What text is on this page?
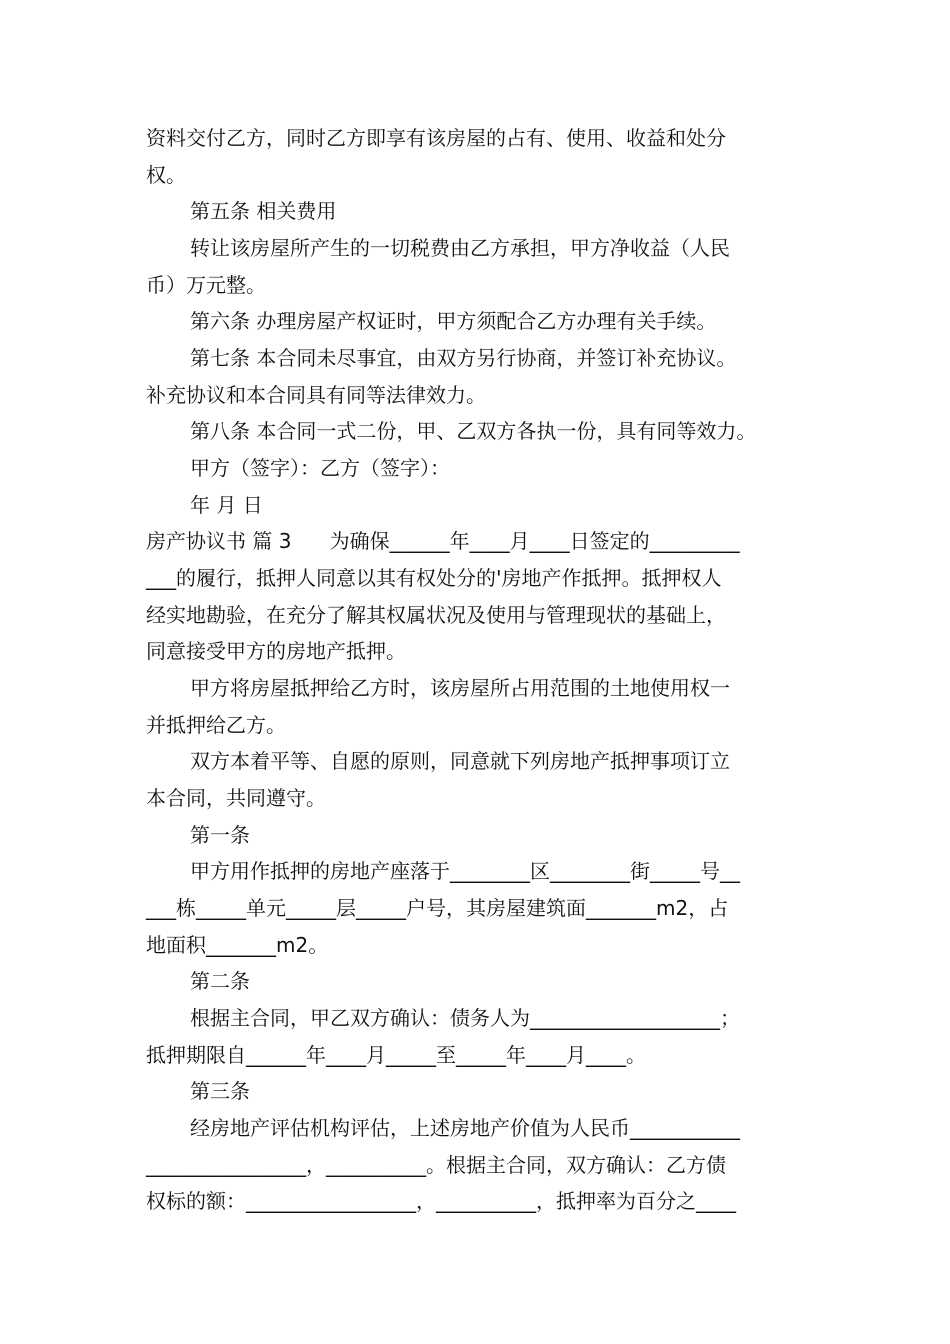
资料交付乙方，同时乙方即享有该房屋的占有、使用、收益和处分
权。
第五条 相关费用
转让该房屋所产生的一切税费由乙方承担，甲方净收益（人民
币）万元整。
第六条 办理房屋产权证时，甲方须配合乙方办理有关手续。
第七条 本合同未尽事宜，由双方另行协商，并签订补充协议。
补充协议和本合同具有同等法律效力。
第八条 本合同一式二份，甲、乙双方各执一份，具有同等效力。
甲方（签字）：乙方（签字）：
年 月 日
房产协议书 篇 3      为确保______年____月____日签定的_________
___的履行，抵押人同意以其有权处分的'房地产作抵押。抵押权人
经实地勘验，在充分了解其权属状况及使用与管理现状的基础上，
同意接受甲方的房地产抵押。
甲方将房屋抵押给乙方时，该房屋所占用范围的土地使用权一
并抵押给乙方。
双方本着平等、自愿的原则，同意就下列房地产抵押事项订立
本合同，共同遵守。
第一条
甲方用作抵押的房地产座落于________区________街_____号__
___栋_____单元_____层_____户号，其房屋建筑面_______m2，占
地面积_______m2。
第二条
根据主合同，甲乙双方确认：债务人为___________________；
抵押期限自______年____月_____至_____年____月____。
第三条
经房地产评估机构评估，上述房地产价值为人民币___________
________________，__________。根据主合同，双方确认：乙方债
权标的额：_________________，__________，抵押率为百分之____
